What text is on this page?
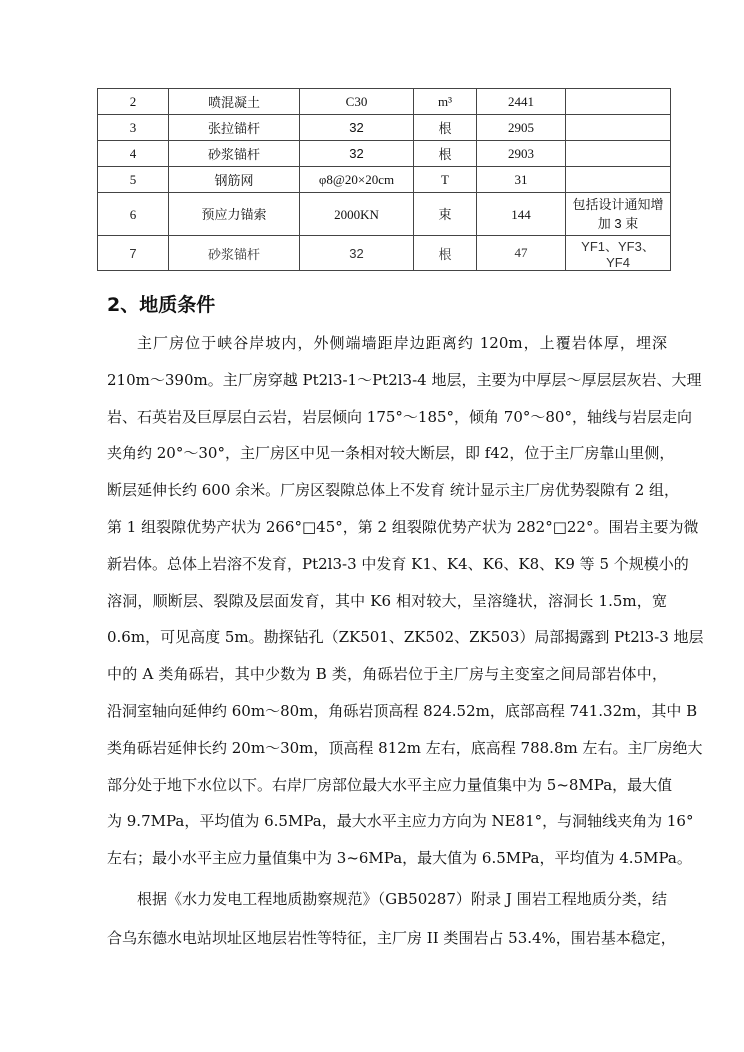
2	喷混凝土	C30	m³	2441	
3	张拉锚杆	32	根	2905	
4	砂浆锚杆	32	根	2903	
5	钢筋网	φ8@20×20cm	T	31	
6	预应力锚索	2000KN	束	144	包括设计通知增加 3 束
7	砂浆锚杆	32	根	47	YF1、YF3、YF4
2、地质条件
主厂房位于峡谷岸坡内，外侧端墙距岸边距离约 120m，上覆岩体厚，埋深
210m～390m。主厂房穿越 Pt2l3-1～Pt2l3-4 地层，主要为中厚层～厚层层灰岩、大理
岩、石英岩及巨厚层白云岩，岩层倾向 175°～185°，倾角 70°～80°，轴线与岩层走向
夹角约 20°～30°，主厂房区中见一条相对较大断层，即 f42，位于主厂房靠山里侧，
断层延伸长约 600 余米。厂房区裂隙总体上不发育 统计显示主厂房优势裂隙有 2 组，
第 1 组裂隙优势产状为 266°□45°，第 2 组裂隙优势产状为 282°□22°。围岩主要为微
新岩体。总体上岩溶不发育，Pt2l3-3 中发育 K1、K4、K6、K8、K9 等 5 个规模小的
溶洞，顺断层、裂隙及层面发育，其中 K6 相对较大，呈溶缝状，溶洞长 1.5m，宽
0.6m，可见高度 5m。勘探钻孔（ZK501、ZK502、ZK503）局部揭露到 Pt2l3-3 地层
中的 A 类角砾岩，其中少数为 B 类，角砾岩位于主厂房与主变室之间局部岩体中，
沿洞室轴向延伸约 60m～80m，角砾岩顶高程 824.52m，底部高程 741.32m，其中 B
类角砾岩延伸长约 20m～30m，顶高程 812m 左右，底高程 788.8m 左右。主厂房绝大
部分处于地下水位以下。右岸厂房部位最大水平主应力量值集中为 5~8MPa，最大值
为 9.7MPa，平均值为 6.5MPa，最大水平主应力方向为 NE81°，与洞轴线夹角为 16°
左右；最小水平主应力量值集中为 3~6MPa，最大值为 6.5MPa，平均值为 4.5MPa。
根据《水力发电工程地质勘察规范》（GB50287）附录 J 围岩工程地质分类，结
合乌东德水电站坝址区地层岩性等特征，主厂房 II 类围岩占 53.4%，围岩基本稳定，
